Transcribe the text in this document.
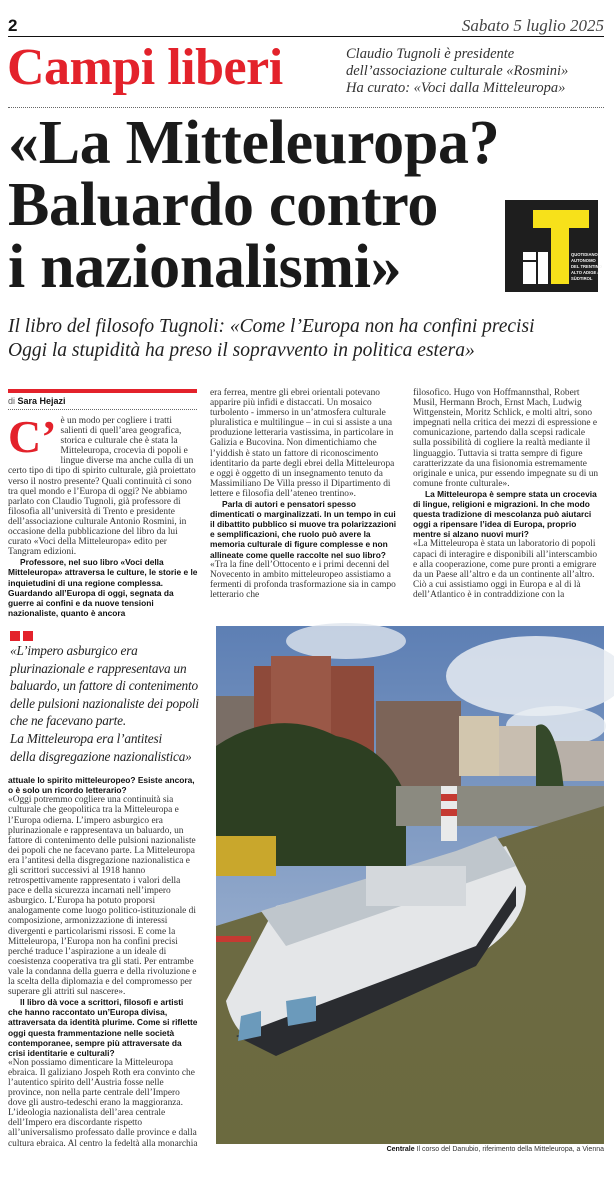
2	Sabato 5 luglio 2025
Campi liberi	Claudio Tugnoli è presidente
dell’associazione culturale «Rosmini»
Ha curato: «Voci dalla Mitteleuropa»
«La Mitteleuropa?
Baluardo contro
i nazionalismi»	QUOTIDIANO
AUTONOMO
DEL TRENTINO
ALTO ADIGE /
SÜDTIROL
Il libro del filosofo Tugnoli: «Come l’Europa non ha confini precisi
Oggi la stupidità ha preso il sopravvento in politica estera»
di Sara Hejazi
C’ è un modo per cogliere i tratti salienti di quell’area geografica, storica e culturale che è stata la Mitteleuropa, crocevia di popoli e lingue diverse ma anche culla di un certo tipo di tipo di spirito culturale, già proiettato verso il nostro presente? Quali continuità ci sono tra quel mondo e l’Europa di oggi? Ne abbiamo parlato con Claudio Tugnoli, già professore di filosofia all’università di Trento e presidente dell’associazione culturale Antonio Rosmini, in occasione della pubblicazione del libro da lui curato «Voci della Mitteleuropa» edito per Tangram edizioni.

Professore, nel suo libro «Voci della Mitteleuropa» attraversa le culture, le storie e le inquietudini di una regione complessa. Guardando all’Europa di oggi, segnata da guerre ai confini e da nuove tensioni nazionaliste, quanto è ancora

era ferrea, mentre gli ebrei orientali potevano apparire più infidi e distaccati. Un mosaico turbolento - immerso in un’atmosfera culturale pluralistica e multilingue – in cui si assiste a una produzione letteraria vastissima, in particolare in Galizia e Bucovina. Non dimentichiamo che l’yiddish è stato un fattore di riconoscimento identitario da parte degli ebrei della Mitteleuropa e oggi è oggetto di un insegnamento tenuto da Massimiliano De Villa presso il Dipartimento di lettere e filosofia dell’ateneo trentino».

Parla di autori e pensatori spesso dimenticati o marginalizzati. In un tempo in cui il dibattito pubblico si muove tra polarizzazioni e semplificazioni, che ruolo può avere la memoria culturale di figure complesse e non allineate come quelle raccolte nel suo libro?

«Tra la fine dell’Ottocento e i primi decenni del Novecento in ambito mitteleuropeo assistiamo a fermenti di profonda trasformazione sia in campo letterario che

filosofico. Hugo von Hoffmannsthal, Robert Musil, Hermann Broch, Ernst Mach, Ludwig Wittgenstein, Moritz Schlick, e molti altri, sono impegnati nella critica dei mezzi di espressione e comunicazione, partendo dalla scepsi radicale sulla possibilità di cogliere la realtà mediante il linguaggio. Tuttavia si tratta sempre di figure caratterizzate da una fisionomia estremamente originale e unica, pur essendo impegnate su di un comune fronte culturale».

La Mitteleuropa è sempre stata un crocevia di lingue, religioni e migrazioni. In che modo questa tradizione di mescolanza può aiutarci oggi a ripensare l’idea di Europa, proprio mentre si alzano nuovi muri?

«La Mitteleuropa è stata un laboratorio di popoli capaci di interagire e disponibili all’interscambio e alla cooperazione, come pure pronti a emigrare da un Paese all’altro e da un continente all’altro. Ciò a cui assistiamo oggi in Europa e al di là dell’Atlantico è in contraddizione con la

«L’impero asburgico era
plurinazionale e rappresentava un
baluardo, un fattore di contenimento
delle pulsioni nazionaliste dei popoli
che ne facevano parte.
La Mitteleuropa era l’antitesi
della disgregazione nazionalistica»

attuale lo spirito mitteleuropeo? Esiste ancora, o è solo un ricordo letterario?

«Oggi potremmo cogliere una continuità sia culturale che geopolitica tra la Mitteleuropa e l’Europa odierna. L’impero asburgico era plurinazionale e rappresentava un baluardo, un fattore di contenimento delle pulsioni nazionaliste dei popoli che ne facevano parte. La Mitteleuropa era l’antitesi della disgregazione nazionalistica e gli scrittori successivi al 1918 hanno retrospettivamente rappresentato i valori della pace e della sicurezza incarnati nell’impero asburgico. L’Europa ha potuto proporsi analogamente come luogo politico-istituzionale di composizione, armonizzazione di interessi divergenti e particolarismi rissosi. E come la Mitteleuropa, l’Europa non ha confini precisi perché traduce l’aspirazione a un ideale di coesistenza cooperativa tra gli stati. Per entrambe vale la condanna della guerra e della rivoluzione e la scelta della diplomazia e del compromesso per superare gli attriti sul nascere».

Il libro dà voce a scrittori, filosofi e artisti che hanno raccontato un’Europa divisa, attraversata da identità plurime. Come si riflette oggi questa frammentazione nelle società contemporanee, sempre più attraversate da crisi identitarie e culturali?

«Non possiamo dimenticare la Mitteleuropa ebraica. Il galiziano Jospeh Roth era convinto che l’autentico spirito dell’Austria fosse nelle province, non nella parte centrale dell’Impero dove gli austro-tedeschi erano la maggioranza. L’ideologia nazionalista dell’area centrale dell’Impero era discordante rispetto all’universalismo professato dalle province e dalla cultura ebraica. Al centro la fedeltà alla monarchia

Centrale Il corso del Danubio, riferimento della Mitteleuropa, a Vienna
